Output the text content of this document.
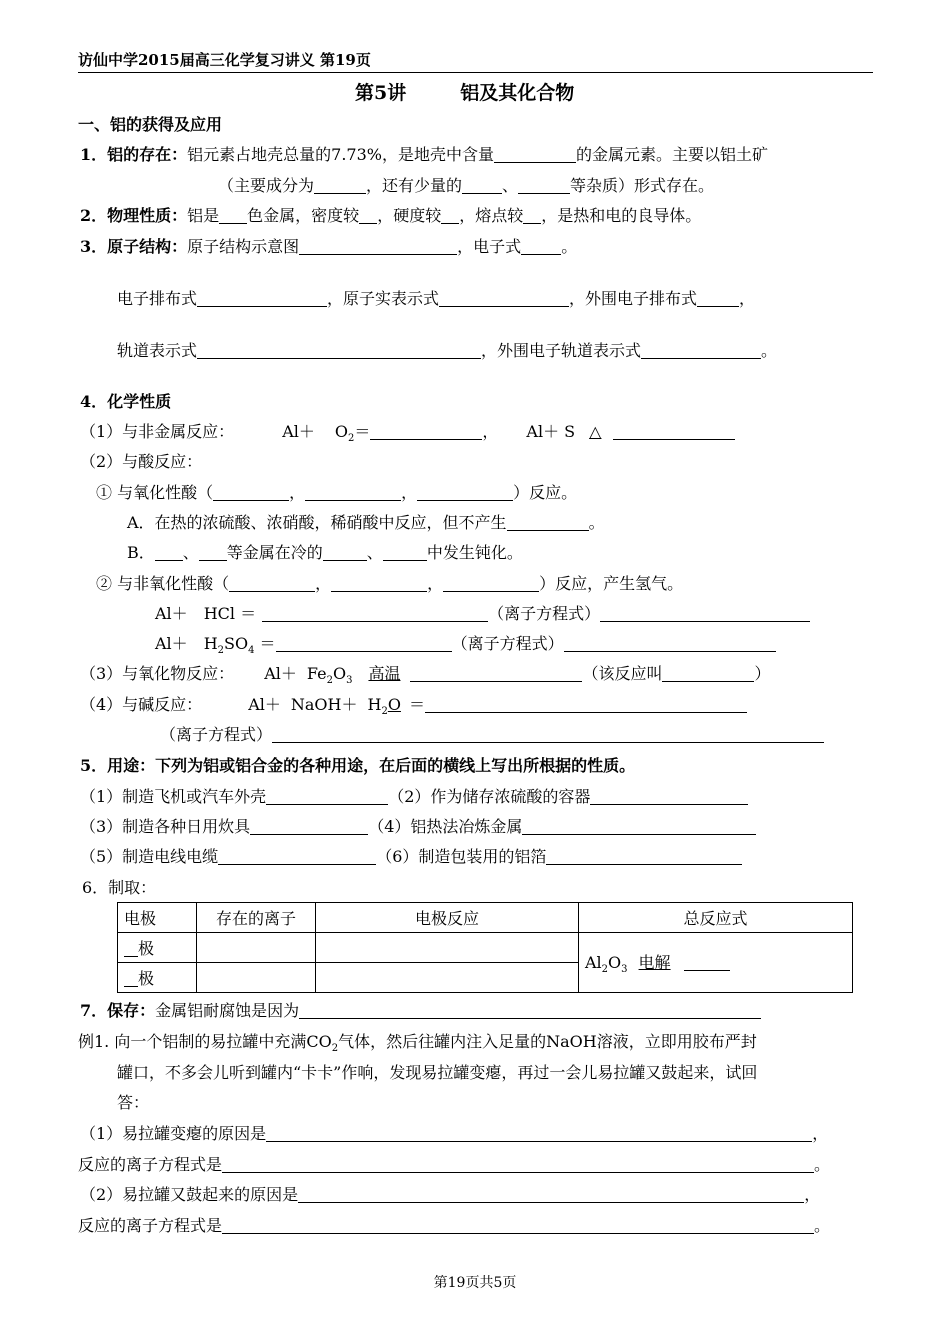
访仙中学2015届高三化学复习讲义 第19页
第5讲	铝及其化合物
一、铝的获得及应用
1．铝的存在：铝元素占地壳总量的7.73%，是地壳中含量	的金属元素。主要以铝土矿
（主要成分为	，还有少量的	、	等杂质）形式存在。
2．物理性质：铝是 色金属，密度较 ，硬度较 ，熔点较 ，是热和电的良导体。
3．原子结构：原子结构示意图	，电子式	。
电子排布式	，原子实表示式	，外围电子排布式	，
轨道表示式	，外围电子轨道表示式	。
4．化学性质
（1）与非金属反应：	$Al+ O_2=$	， Al＋ S △
（2）与酸反应：
① 与氧化性酸（	，	，	）反应。
A．在热的浓硫酸、浓硝酸，稀硝酸中反应，但不产生	。
B． 、 等金属在冷的	、	中发生钝化。
② 与非氧化性酸（	，	，	）反应，产生氢气。
Al＋ HCl ＝	（离子方程式）
$Al+ H_2SO_4$ ＝	（离子方程式）
（3）与氧化物反应： $Al+ Fe_2O_3$ 高温	（该反应叫	）
（4）与碱反应：	Al＋ NaOH＋ $H_2O$ ＝
（离子方程式）
5．用途：下列为铝或铝合金的各种用途，在后面的横线上写出所根据的性质。
（1）制造飞机或汽车外壳	（2）作为储存浓硫酸的容器
（3）制造各种日用炊具	（4）铝热法冶炼金属
（5）制造电线电缆	（6）制造包装用的铝箔
6．制取：
电极	存在的离子	电极反应	总反应式
极			$Al_2O_3$ 电解
极			
7．保存：金属铝耐腐蚀是因为
例1. 向一个铝制的易拉罐中充满$CO_2$气体，然后往罐内注入足量的NaOH溶液，立即用胶布严封
罐口，不多会儿听到罐内“卡卡”作响，发现易拉罐变瘪，再过一会儿易拉罐又鼓起来，试回
答：
（1）易拉罐变瘪的原因是	，
反应的离子方程式是	。
（2）易拉罐又鼓起来的原因是	，
反应的离子方程式是	。
第19页共5页
